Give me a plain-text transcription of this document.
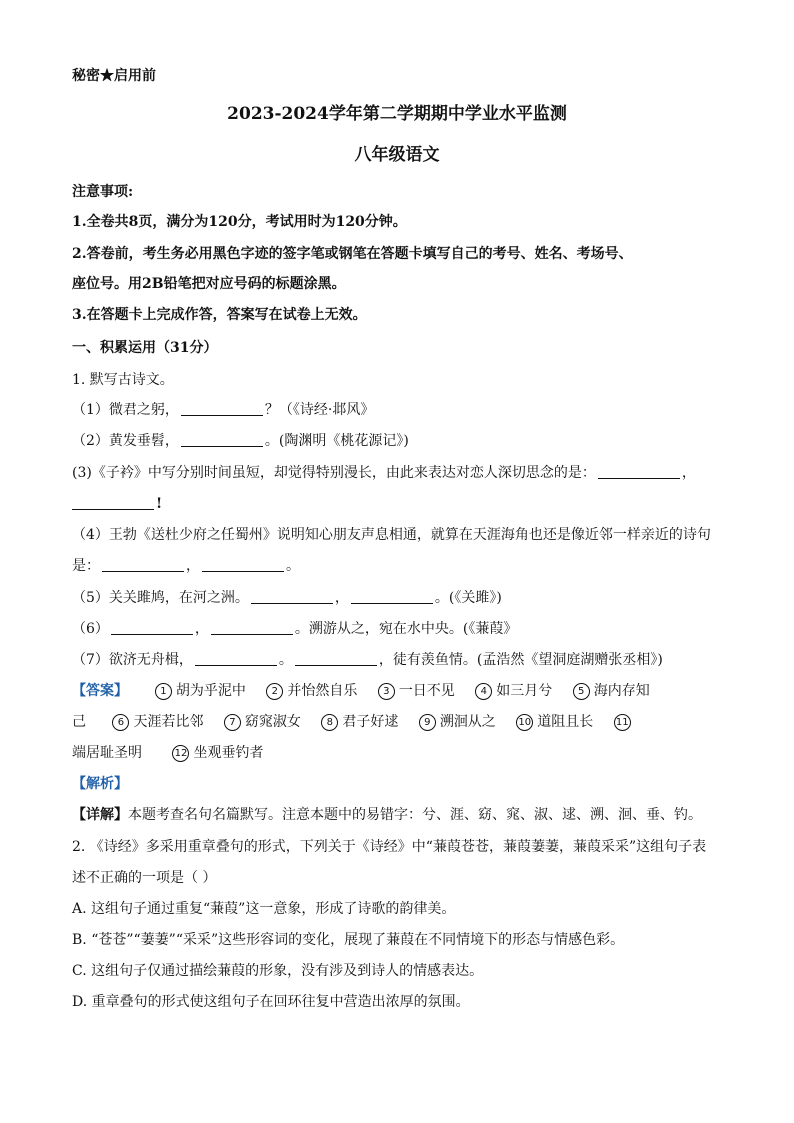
秘密★启用前
2023-2024学年第二学期期中学业水平监测
八年级语文
注意事项:
1.全卷共8页，满分为120分，考试用时为120分钟。
2.答卷前，考生务必用黑色字迹的签字笔或钢笔在答题卡填写自己的考号、姓名、考场号、
座位号。用2B铅笔把对应号码的标题涂黑。
3.在答题卡上完成作答，答案写在试卷上无效。
一、积累运用（31分）
1. 默写古诗文。
（1）微君之躬，	？（《诗经·邶风》
（2）黄发垂髫，	。(陶渊明《桃花源记》)
(3)《子衿》中写分别时间虽短，却觉得特别漫长，由此来表达对恋人深切思念的是：	，
!
（4）王勃《送杜少府之任蜀州》说明知心朋友声息相通，就算在天涯海角也还是像近邻一样亲近的诗句
是：	，	。
（5）关关雎鸠，在河之洲。	，	。(《关雎》)
（6）	，	。溯游从之，宛在水中央。(《蒹葭》
（7）欲济无舟楫，	。	，徒有羡鱼情。(孟浩然《望洞庭湖赠张丞相》)
【答案】	1 胡为乎泥中	2 并怡然自乐	3 一日不见	4 如三月兮	5 海内存知
己	6 天涯若比邻	7 窈窕淑女	8 君子好逑	9 溯洄从之 10 道阻且长 11
端居耻圣明	12 坐观垂钓者
【解析】
【详解】本题考查名句名篇默写。注意本题中的易错字：兮、涯、窈、窕、淑、逑、溯、洄、垂、钓。
2. 《诗经》多采用重章叠句的形式，下列关于《诗经》中“蒹葭苍苍，蒹葭萋萋，蒹葭采采”这组句子表
述不正确的一项是（ ）
A. 这组句子通过重复“蒹葭”这一意象，形成了诗歌的韵律美。
B. “苍苍”“萋萋”“采采”这些形容词的变化，展现了蒹葭在不同情境下的形态与情感色彩。
C. 这组句子仅通过描绘蒹葭的形象，没有涉及到诗人的情感表达。
D. 重章叠句的形式使这组句子在回环往复中营造出浓厚的氛围。
